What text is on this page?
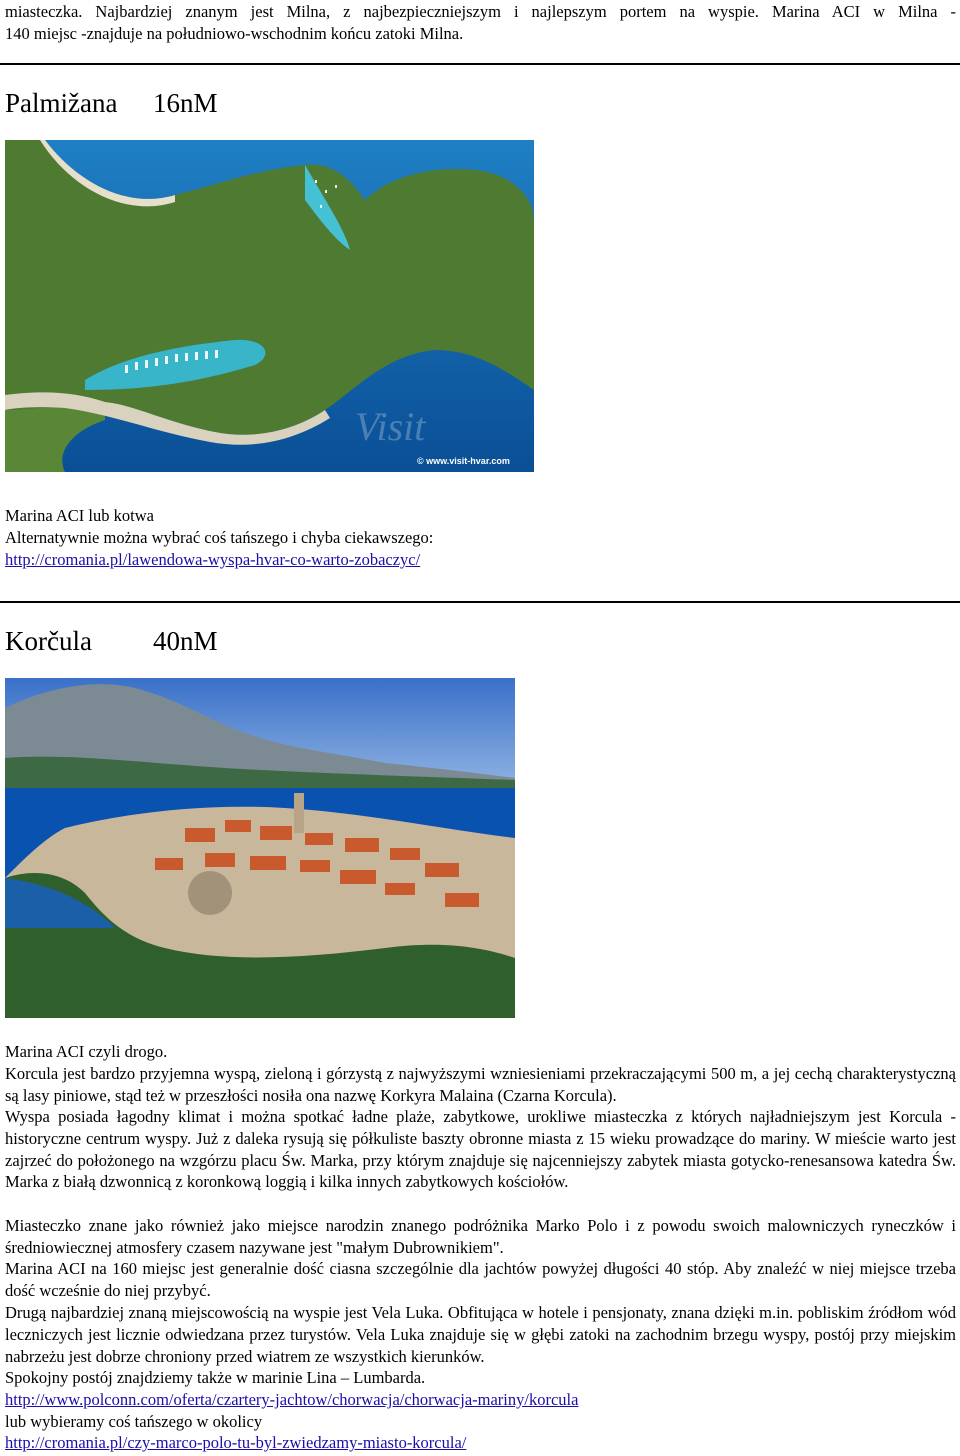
miasteczka. Najbardziej znanym jest Milna, z najbezpieczniejszym i najlepszym portem na wyspie. Marina ACI w Milna -

140 miejsc -znajduje na południowo-wschodnim końcu zatoki Milna.

Palmižana 16nM
© www.visit-hvar.com
Visit

Marina ACI lub kotwa

Alternatywnie można wybrać coś tańszego i chyba ciekawszego:

http://cromania.pl/lawendowa-wyspa-hvar-co-warto-zobaczyc/

Korčula 40nM

Marina ACI czyli drogo.

Korcula jest bardzo przyjemna wyspą, zieloną i górzystą z najwyższymi wzniesieniami przekraczającymi 500 m, a jej cechą charakterystyczną są lasy piniowe, stąd też w przeszłości nosiła ona nazwę Korkyra Malaina (Czarna Korcula).

Wyspa posiada łagodny klimat i można spotkać ładne plaże, zabytkowe, urokliwe miasteczka z których najładniejszym jest Korcula - historyczne centrum wyspy. Już z daleka rysują się półkuliste baszty obronne miasta z 15 wieku prowadzące do mariny. W mieście warto jest zajrzeć do położonego na wzgórzu placu Św. Marka, przy którym znajduje się najcenniejszy zabytek miasta gotycko-renesansowa katedra Św. Marka z białą dzwonnicą z koronkową loggią i kilka innych zabytkowych kościołów.

Miasteczko znane jako również jako miejsce narodzin znanego podróżnika Marko Polo i z powodu swoich malowniczych ryneczków i średniowiecznej atmosfery czasem nazywane jest "małym Dubrownikiem".

Marina ACI na 160 miejsc jest generalnie dość ciasna szczególnie dla jachtów powyżej długości 40 stóp. Aby znaleźć w niej miejsce trzeba dość wcześnie do niej przybyć.

Drugą najbardziej znaną miejscowością na wyspie jest Vela Luka. Obfitująca w hotele i pensjonaty, znana dzięki m.in. pobliskim źródłom wód leczniczych jest licznie odwiedzana przez turystów. Vela Luka znajduje się w głębi zatoki na zachodnim brzegu wyspy, postój przy miejskim nabrzeżu jest dobrze chroniony przed wiatrem ze wszystkich kierunków.

Spokojny postój znajdziemy także w marinie Lina – Lumbarda.

http://www.polconn.com/oferta/czartery-jachtow/chorwacja/chorwacja-mariny/korcula

lub wybieramy coś tańszego w okolicy

http://cromania.pl/czy-marco-polo-tu-byl-zwiedzamy-miasto-korcula/
